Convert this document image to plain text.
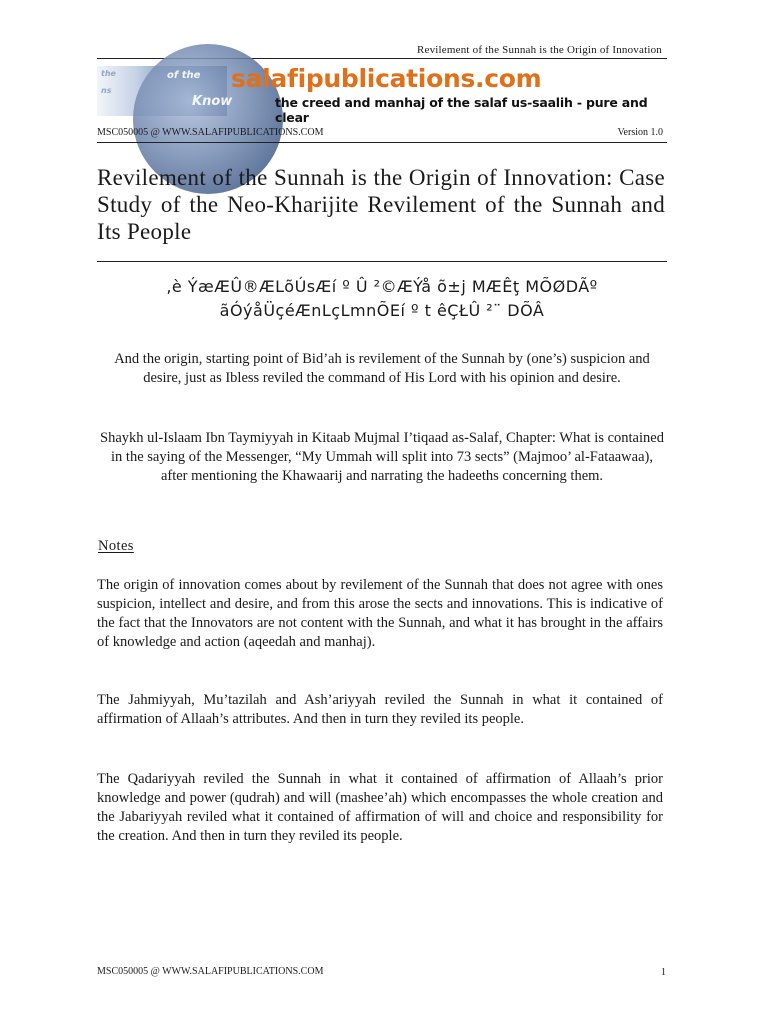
Revilement of the Sunnah is the Origin of Innovation
the	of the
ns
Know
salafipublications.com
the creed and manhaj of the salaf us-saalih - pure and clear
MSC050005 @ WWW.SALAFIPUBLICATIONS.COM	Version 1.0
Revilement of the Sunnah is the Origin of Innovation: Case Study of the Neo-Kharijite Revilement of the Sunnah and Its People
‚è ÝæÆÛ®ÆLõÚsÆí º Û ²©ÆÝå õ±j MÆÊţ MÕØDÃº
ãÓýåÜçéÆnLçLmnÕEí º t êÇŁÛ ²¨ DÕÂ

And the origin, starting point of Bid’ah is revilement of the Sunnah by (one’s) suspicion and desire, just as Ibless reviled the command of His Lord with his opinion and desire.

Shaykh ul-Islaam Ibn Taymiyyah in Kitaab Mujmal I’tiqaad as-Salaf, Chapter: What is contained in the saying of the Messenger, “My Ummah will split into 73 sects” (Majmoo’ al-Fataawaa), after mentioning the Khawaarij and narrating the hadeeths concerning them.

Notes

The origin of innovation comes about by revilement of the Sunnah that does not agree with ones suspicion, intellect and desire, and from this arose the sects and innovations. This is indicative of the fact that the Innovators are not content with the Sunnah, and what it has brought in the affairs of knowledge and action (aqeedah and manhaj).

The Jahmiyyah, Mu’tazilah and Ash’ariyyah reviled the Sunnah in what it contained of affirmation of Allaah’s attributes. And then in turn they reviled its people.

The Qadariyyah reviled the Sunnah in what it contained of affirmation of Allaah’s prior knowledge and power (qudrah) and will (mashee’ah) which encompasses the whole creation and the Jabariyyah reviled what it contained of affirmation of will and choice and responsibility for the creation. And then in turn they reviled its people.

MSC050005 @ WWW.SALAFIPUBLICATIONS.COM	1
